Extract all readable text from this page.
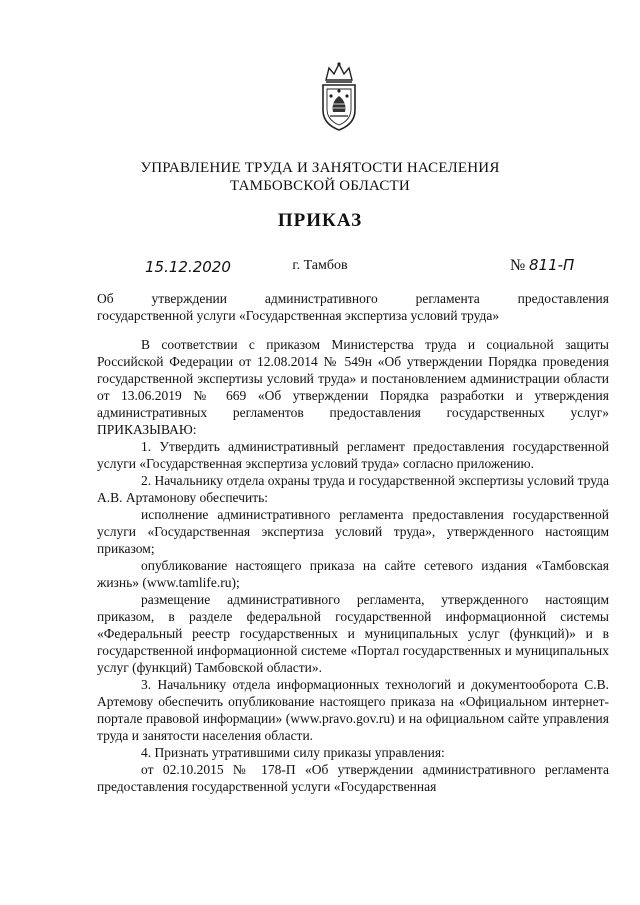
УПРАВЛЕНИЕ ТРУДА И ЗАНЯТОСТИ НАСЕЛЕНИЯ
ТАМБОВСКОЙ ОБЛАСТИ
ПРИКАЗ
15.12.2020	г. Тамбов	№ 811-П
Об утверждении административного регламента предоставления
государственной услуги «Государственная экспертиза условий труда»

В соответствии с приказом Министерства труда и социальной защиты Российской Федерации от 12.08.2014 № 549н «Об утверждении Порядка проведения государственной экспертизы условий труда» и постановлением администрации области от 13.06.2019 № 669 «Об утверждении Порядка разработки и утверждения административных регламентов предоставления государственных услуг» ПРИКАЗЫВАЮ:

1. Утвердить административный регламент предоставления государственной услуги «Государственная экспертиза условий труда» согласно приложению.

2. Начальнику отдела охраны труда и государственной экспертизы условий труда А.В. Артамонову обеспечить:

исполнение административного регламента предоставления государственной услуги «Государственная экспертиза условий труда», утвержденного настоящим приказом;

опубликование настоящего приказа на сайте сетевого издания «Тамбовская жизнь» (www.tamlife.ru);

размещение административного регламента, утвержденного настоящим приказом, в разделе федеральной государственной информационной системы «Федеральный реестр государственных и муниципальных услуг (функций)» и в государственной информационной системе «Портал государственных и муниципальных услуг (функций) Тамбовской области».

3. Начальнику отдела информационных технологий и документооборота С.В. Артемову обеспечить опубликование настоящего приказа на «Официальном интернет-портале правовой информации» (www.pravo.gov.ru) и на официальном сайте управления труда и занятости населения области.

4. Признать утратившими силу приказы управления:

от 02.10.2015 № 178-П «Об утверждении административного регламента предоставления государственной услуги «Государственная
